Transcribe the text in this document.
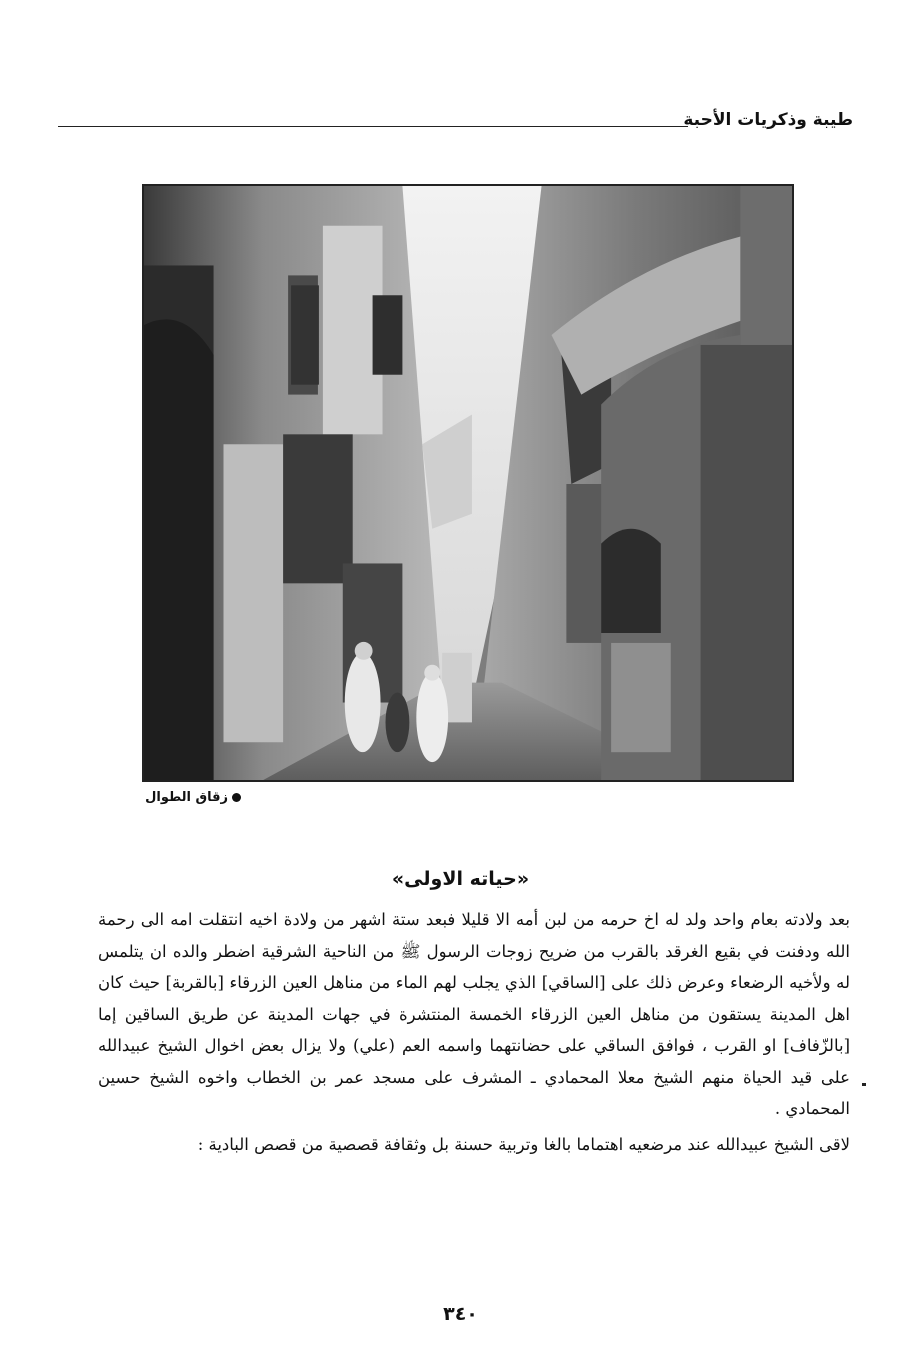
طيبة وذكريات الأحبة
زقاق الطوال
«حياته الاولى»

بعد ولادته بعام واحد ولد له اخ حرمه من لبن أمه الا قليلا فبعد ستة اشهر من ولادة اخيه انتقلت امه الى رحمة الله ودفنت في بقيع الغرقد بالقرب من ضريح زوجات الرسول ﷺ من الناحية الشرقية اضطر والده ان يتلمس له ولأخيه الرضعاء وعرض ذلك على [الساقي] الذي يجلب لهم الماء من مناهل العين الزرقاء [بالقربة] حيث كان اهل المدينة يستقون من مناهل العين الزرقاء الخمسة المنتشرة في جهات المدينة عن طريق الساقين إما [بالزّفاف] او القرب ، فوافق الساقي على حضانتهما واسمه العم (علي) ولا يزال بعض اخوال الشيخ عبيدالله على قيد الحياة منهم الشيخ معلا المحمادي ـ المشرف على مسجد عمر بن الخطاب واخوه الشيخ حسين المحمادي .

لاقى الشيخ عبيدالله عند مرضعيه اهتماما بالغا وتربية حسنة بل وثقافة قصصية من قصص البادية :

٣٤٠
